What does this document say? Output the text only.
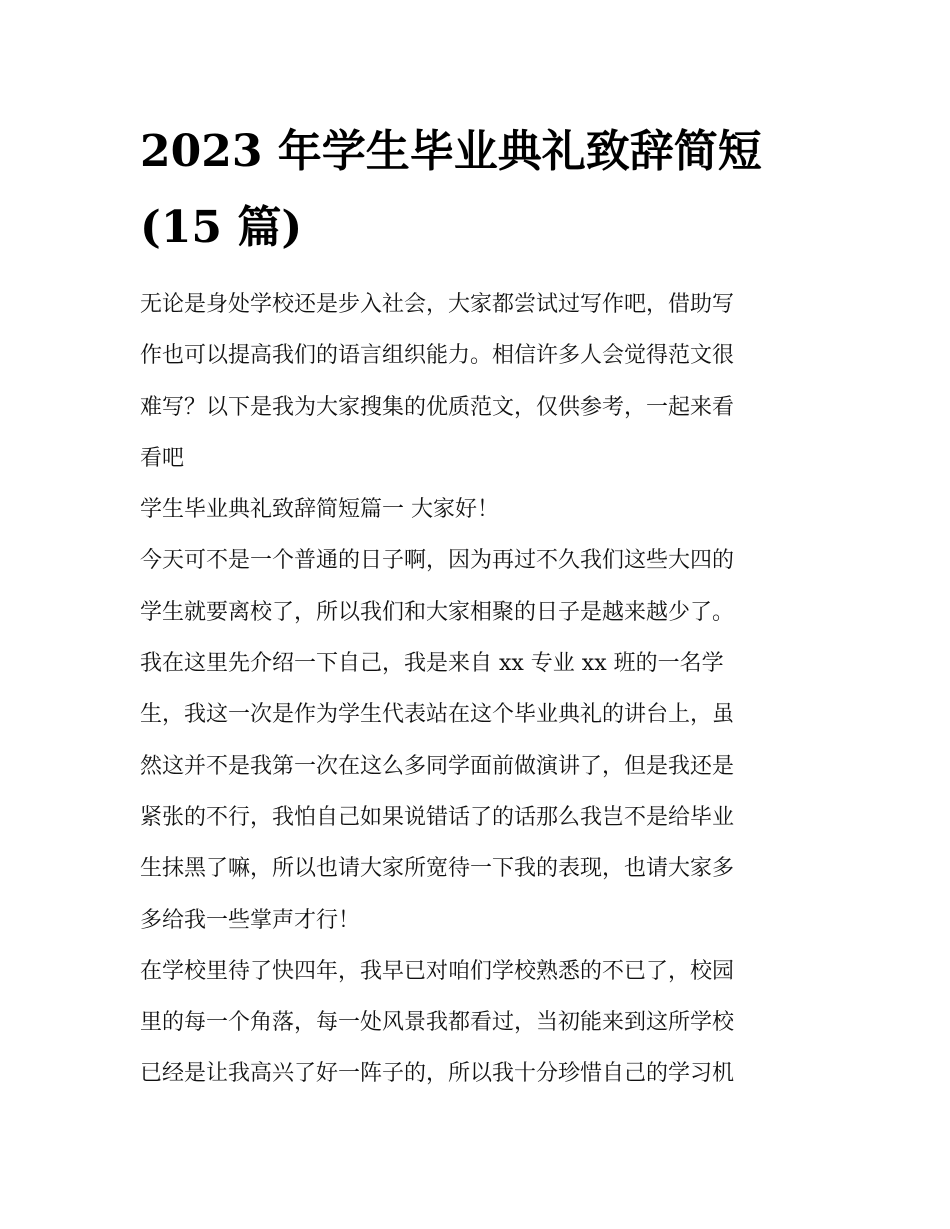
2023 年学生毕业典礼致辞简短
(15 篇)
无论是身处学校还是步入社会，大家都尝试过写作吧，借助写
作也可以提高我们的语言组织能力。相信许多人会觉得范文很
难写？以下是我为大家搜集的优质范文，仅供参考，一起来看
看吧
学生毕业典礼致辞简短篇一 大家好！
今天可不是一个普通的日子啊，因为再过不久我们这些大四的
学生就要离校了，所以我们和大家相聚的日子是越来越少了。
我在这里先介绍一下自己，我是来自 xx 专业 xx 班的一名学
生，我这一次是作为学生代表站在这个毕业典礼的讲台上，虽
然这并不是我第一次在这么多同学面前做演讲了，但是我还是
紧张的不行，我怕自己如果说错话了的话那么我岂不是给毕业
生抹黑了嘛，所以也请大家所宽待一下我的表现，也请大家多
多给我一些掌声才行！
在学校里待了快四年，我早已对咱们学校熟悉的不已了，校园
里的每一个角落，每一处风景我都看过，当初能来到这所学校
已经是让我高兴了好一阵子的，所以我十分珍惜自己的学习机
